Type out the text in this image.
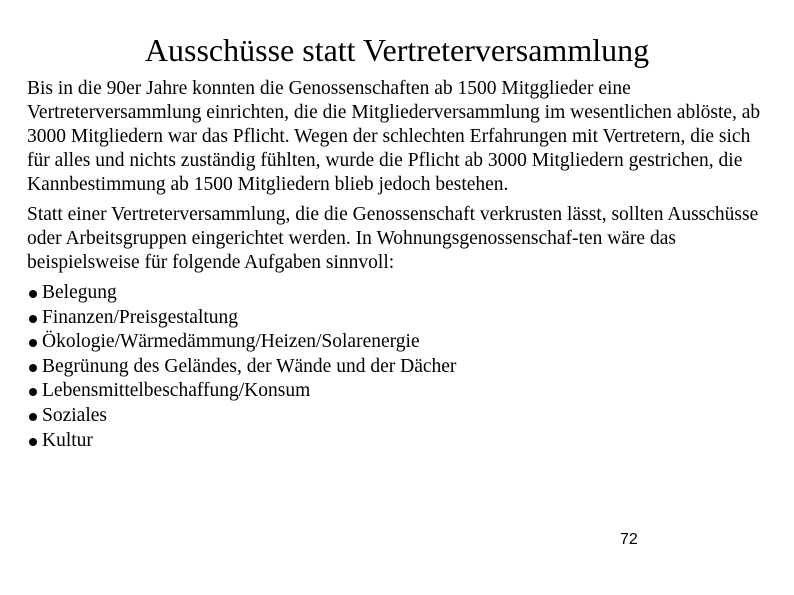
Ausschüsse statt Vertreterversammlung

Bis in die 90er Jahre konnten die Genossenschaften ab 1500 Mitgglieder eine Vertreterversammlung einrichten, die die Mitgliederversammlung im wesentlichen ablöste, ab 3000 Mitgliedern war das Pflicht. Wegen der schlechten Erfahrungen mit Vertretern, die sich für alles und nichts zuständig fühlten, wurde die Pflicht ab 3000 Mitgliedern gestrichen, die Kannbestimmung ab 1500 Mitgliedern blieb jedoch bestehen.

Statt einer Vertreterversammlung, die die Genossenschaft verkrusten lässt, sollten Ausschüsse oder Arbeitsgruppen eingerichtet werden. In Wohnungsgenossenschaf-ten wäre das beispielsweise für folgende Aufgaben sinnvoll:

Belegung
Finanzen/Preisgestaltung
Ökologie/Wärmedämmung/Heizen/Solarenergie
Begrünung des Geländes, der Wände und der Dächer
Lebensmittelbeschaffung/Konsum
Soziales
Kultur
72
